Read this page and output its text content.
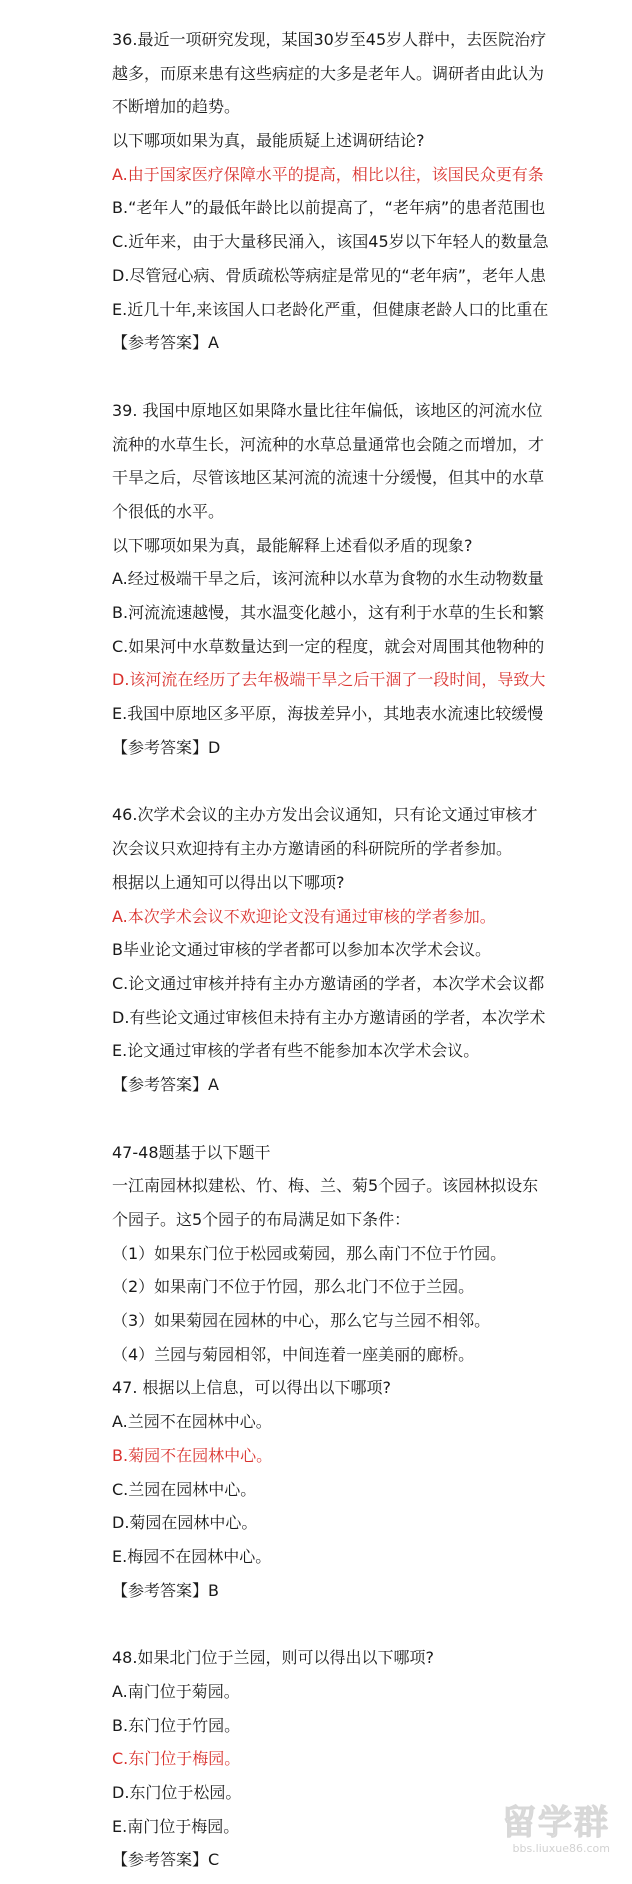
36.最近一项研究发现，某国30岁至45岁人群中，去医院治疗
越多，而原来患有这些病症的大多是老年人。调研者由此认为
不断增加的趋势。
以下哪项如果为真，最能质疑上述调研结论?
A.由于国家医疗保障水平的提高，相比以往，该国民众更有条
B.“老年人”的最低年龄比以前提高了，“老年病”的患者范围也
C.近年来，由于大量移民涌入，该国45岁以下年轻人的数量急
D.尽管冠心病、骨质疏松等病症是常见的“老年病”，老年人患
E.近几十年,来该国人口老龄化严重，但健康老龄人口的比重在
【参考答案】A
39. 我国中原地区如果降水量比往年偏低，该地区的河流水位
流种的水草生长，河流种的水草总量通常也会随之而增加，才
干旱之后，尽管该地区某河流的流速十分缓慢，但其中的水草
个很低的水平。
以下哪项如果为真，最能解释上述看似矛盾的现象?
A.经过极端干旱之后，该河流种以水草为食物的水生动物数量
B.河流流速越慢，其水温变化越小，这有利于水草的生长和繁
C.如果河中水草数量达到一定的程度，就会对周围其他物种的
D.该河流在经历了去年极端干旱之后干涸了一段时间，导致大
E.我国中原地区多平原，海拔差异小，其地表水流速比较缓慢
【参考答案】D
46.次学术会议的主办方发出会议通知，只有论文通过审核才
次会议只欢迎持有主办方邀请函的科研院所的学者参加。
根据以上通知可以得出以下哪项?
A.本次学术会议不欢迎论文没有通过审核的学者参加。
B毕业论文通过审核的学者都可以参加本次学术会议。
C.论文通过审核并持有主办方邀请函的学者，本次学术会议都
D.有些论文通过审核但未持有主办方邀请函的学者，本次学术
E.论文通过审核的学者有些不能参加本次学术会议。
【参考答案】A
47-48题基于以下题干
一江南园林拟建松、竹、梅、兰、菊5个园子。该园林拟设东
个园子。这5个园子的布局满足如下条件：
（1）如果东门位于松园或菊园，那么南门不位于竹园。
（2）如果南门不位于竹园，那么北门不位于兰园。
（3）如果菊园在园林的中心，那么它与兰园不相邻。
（4）兰园与菊园相邻，中间连着一座美丽的廊桥。
47. 根据以上信息，可以得出以下哪项?
A.兰园不在园林中心。
B.菊园不在园林中心。
C.兰园在园林中心。
D.菊园在园林中心。
E.梅园不在园林中心。
【参考答案】B
48.如果北门位于兰园，则可以得出以下哪项?
A.南门位于菊园。
B.东门位于竹园。
C.东门位于梅园。
D.东门位于松园。
E.南门位于梅园。
【参考答案】C
留学群
bbs.liuxue86.com
